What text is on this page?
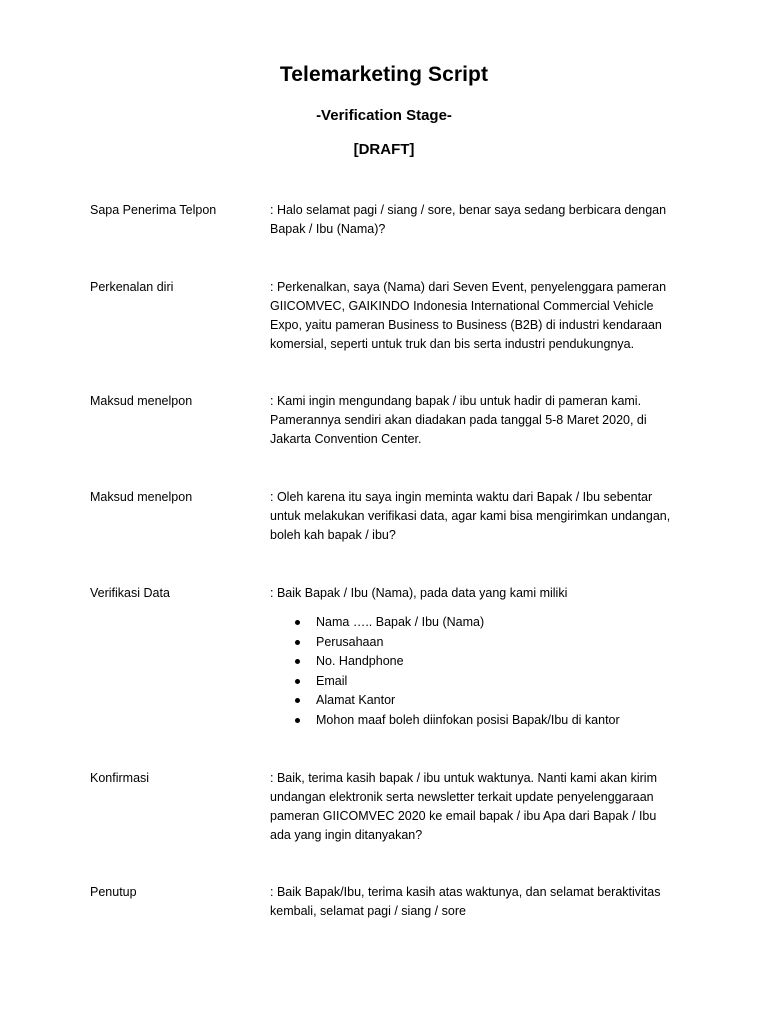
Telemarketing Script
-Verification Stage-
[DRAFT]
Sapa Penerima Telpon	: Halo selamat pagi / siang / sore, benar saya sedang berbicara dengan
Bapak / Ibu (Nama)?
Perkenalan diri	: Perkenalkan, saya (Nama) dari Seven Event, penyelenggara pameran
GIICOMVEC, GAIKINDO Indonesia International Commercial Vehicle
Expo, yaitu pameran Business to Business (B2B) di industri kendaraan
komersial, seperti untuk truk dan bis serta industri pendukungnya.
Maksud menelpon	: Kami ingin mengundang bapak / ibu untuk hadir di pameran kami.
Pamerannya sendiri akan diadakan pada tanggal 5-8 Maret 2020, di
Jakarta Convention Center.
Maksud menelpon	: Oleh karena itu saya ingin meminta waktu dari Bapak / Ibu sebentar
untuk melakukan verifikasi data, agar kami bisa mengirimkan undangan,
boleh kah bapak / ibu?
Verifikasi Data	: Baik Bapak / Ibu (Nama), pada data yang kami miliki
Nama ….. Bapak / Ibu (Nama)
Perusahaan
No. Handphone
Email
Alamat Kantor
Mohon maaf boleh diinfokan posisi Bapak/Ibu di kantor
Konfirmasi	: Baik, terima kasih bapak / ibu untuk waktunya. Nanti kami akan kirim
undangan elektronik serta newsletter terkait update penyelenggaraan
pameran GIICOMVEC 2020 ke email bapak / ibu Apa dari Bapak / Ibu
ada yang ingin ditanyakan?
Penutup	: Baik Bapak/Ibu, terima kasih atas waktunya, dan selamat beraktivitas
kembali, selamat pagi / siang / sore
